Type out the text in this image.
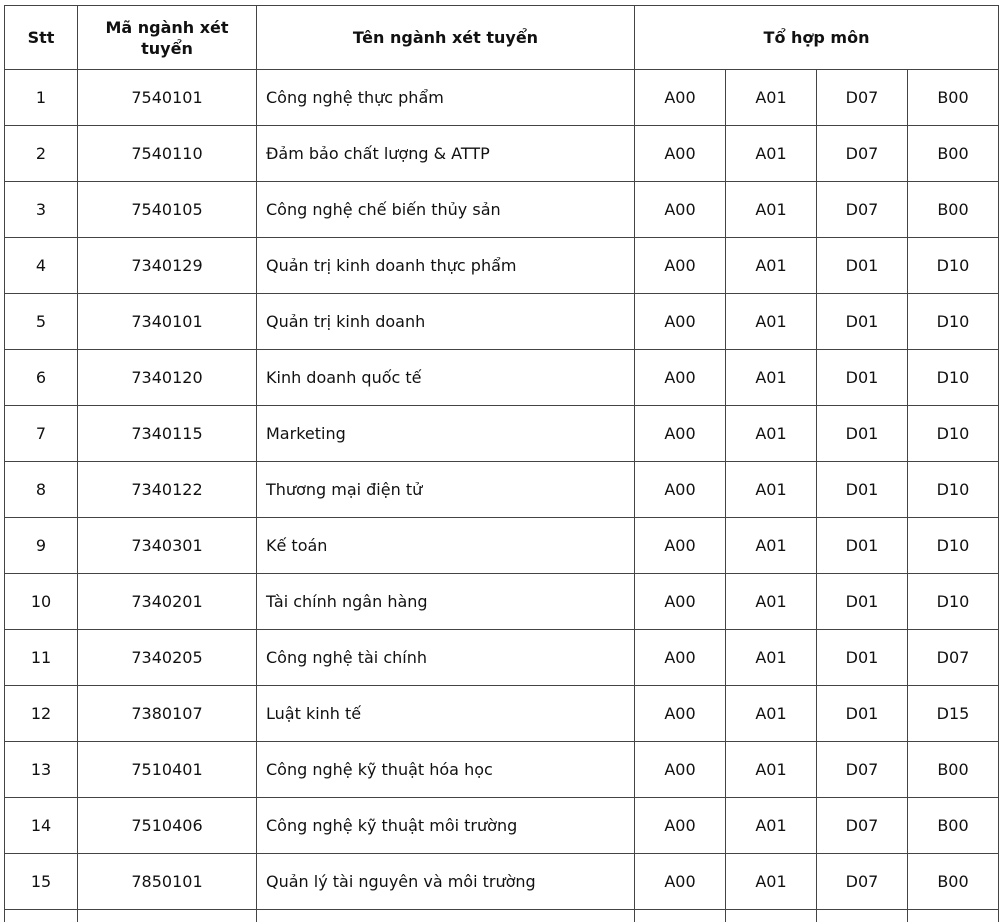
Stt	Mã ngành xét tuyển	Tên ngành xét tuyển	Tổ hợp môn			
1	7540101	Công nghệ thực phẩm	A00	A01	D07	B00
2	7540110	Đảm bảo chất lượng & ATTP	A00	A01	D07	B00
3	7540105	Công nghệ chế biến thủy sản	A00	A01	D07	B00
4	7340129	Quản trị kinh doanh thực phẩm	A00	A01	D01	D10
5	7340101	Quản trị kinh doanh	A00	A01	D01	D10
6	7340120	Kinh doanh quốc tế	A00	A01	D01	D10
7	7340115	Marketing	A00	A01	D01	D10
8	7340122	Thương mại điện tử	A00	A01	D01	D10
9	7340301	Kế toán	A00	A01	D01	D10
10	7340201	Tài chính ngân hàng	A00	A01	D01	D10
11	7340205	Công nghệ tài chính	A00	A01	D01	D07
12	7380107	Luật kinh tế	A00	A01	D01	D15
13	7510401	Công nghệ kỹ thuật hóa học	A00	A01	D07	B00
14	7510406	Công nghệ kỹ thuật môi trường	A00	A01	D07	B00
15	7850101	Quản lý tài nguyên và môi trường	A00	A01	D07	B00
